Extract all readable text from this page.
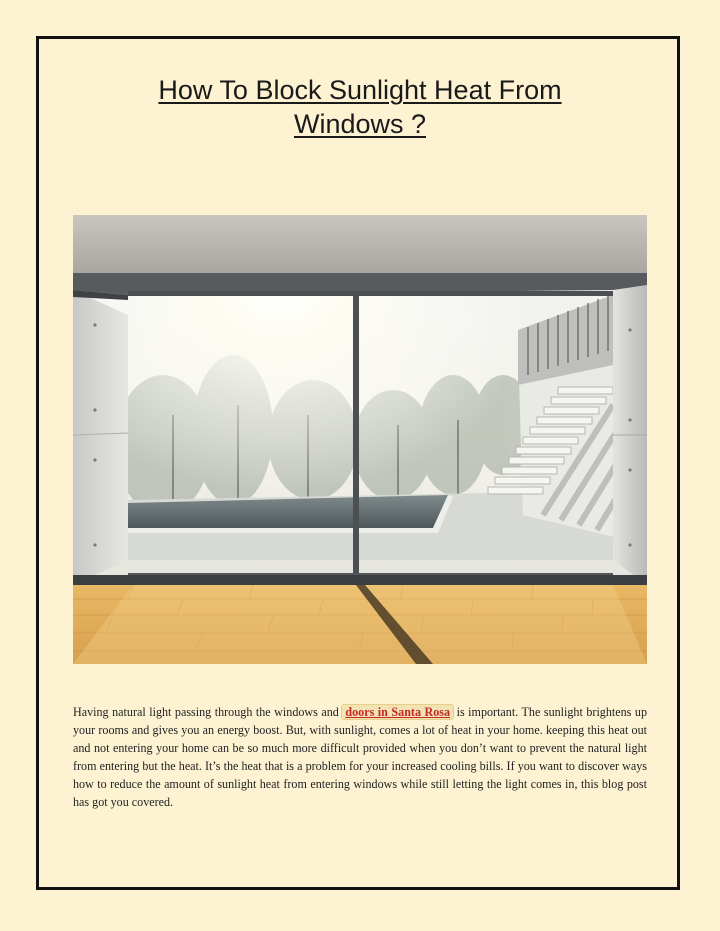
How To Block Sunlight Heat From
Windows ?

Having natural light passing through the windows and doors in Santa Rosa is important. The sunlight brightens up your rooms and gives you an energy boost. But, with sunlight, comes a lot of heat in your home. keeping this heat out and not entering your home can be so much more difficult provided when you don’t want to prevent the natural light from entering but the heat. It’s the heat that is a problem for your increased cooling bills. If you want to discover ways how to reduce the amount of sunlight heat from entering windows while still letting the light comes in, this blog post has got you covered.
